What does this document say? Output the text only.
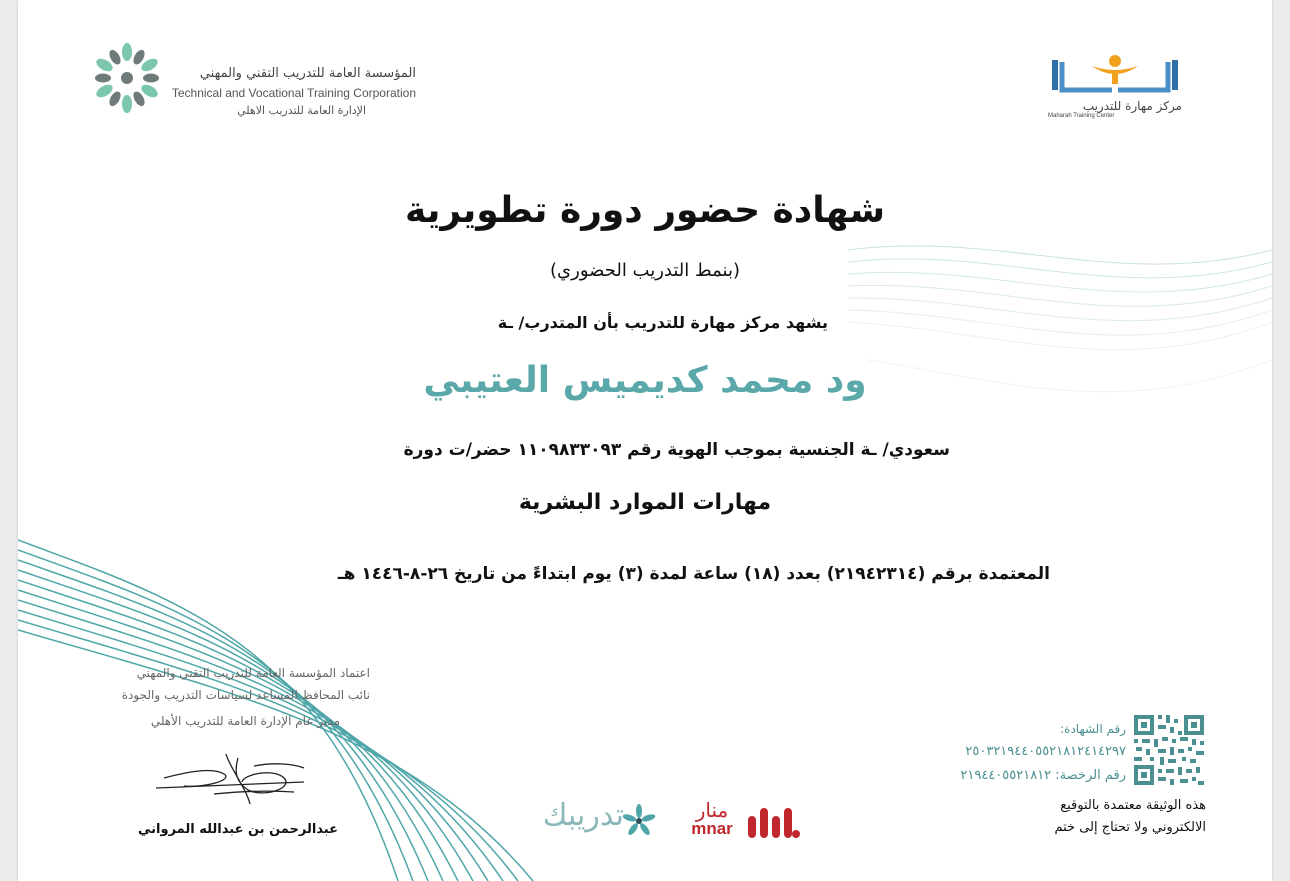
المؤسسة العامة للتدريب التقني والمهني
Technical and Vocational Training Corporation
الإدارة العامة للتدريب الاهلي	مركز مهارة للتدريب
Maharah Training Center
شهادة حضور دورة تطويرية
(بنمط التدريب الحضوري)
يشهد مركز مهارة للتدريب بأن المتدرب/ ـة
ود محمد كديميس العتيبي
سعودي/ ـة الجنسية بموجب الهوية رقم ١١٠٩٨٣٣٠٩٣ حضر/ت دورة
مهارات الموارد البشرية
المعتمدة برقم (٢١٩٤٢٣١٤) بعدد (١٨) ساعة لمدة (٣) يوم ابتداءً من تاريخ ٢٦-٨-١٤٤٦ هـ
اعتماد المؤسسة العامة للتدريب التقني والمهني
نائب المحافظ المساعد لسياسات التدريب والجودة
مدير عام الإدارة العامة للتدريب الأهلي
عبدالرحمن بن عبدالله المرواني	تدريبك	منار
mnar
رقم الشهادة:
٢٥٠٣٢١٩٤٤٠٥٥٢١٨١٢٤١٤٢٩٧
رقم الرخصة: ٢١٩٤٤٠٥٥٢١٨١٢
هذه الوثيقة معتمدة بالتوقيع
الالكتروني ولا تحتاج إلى ختم
